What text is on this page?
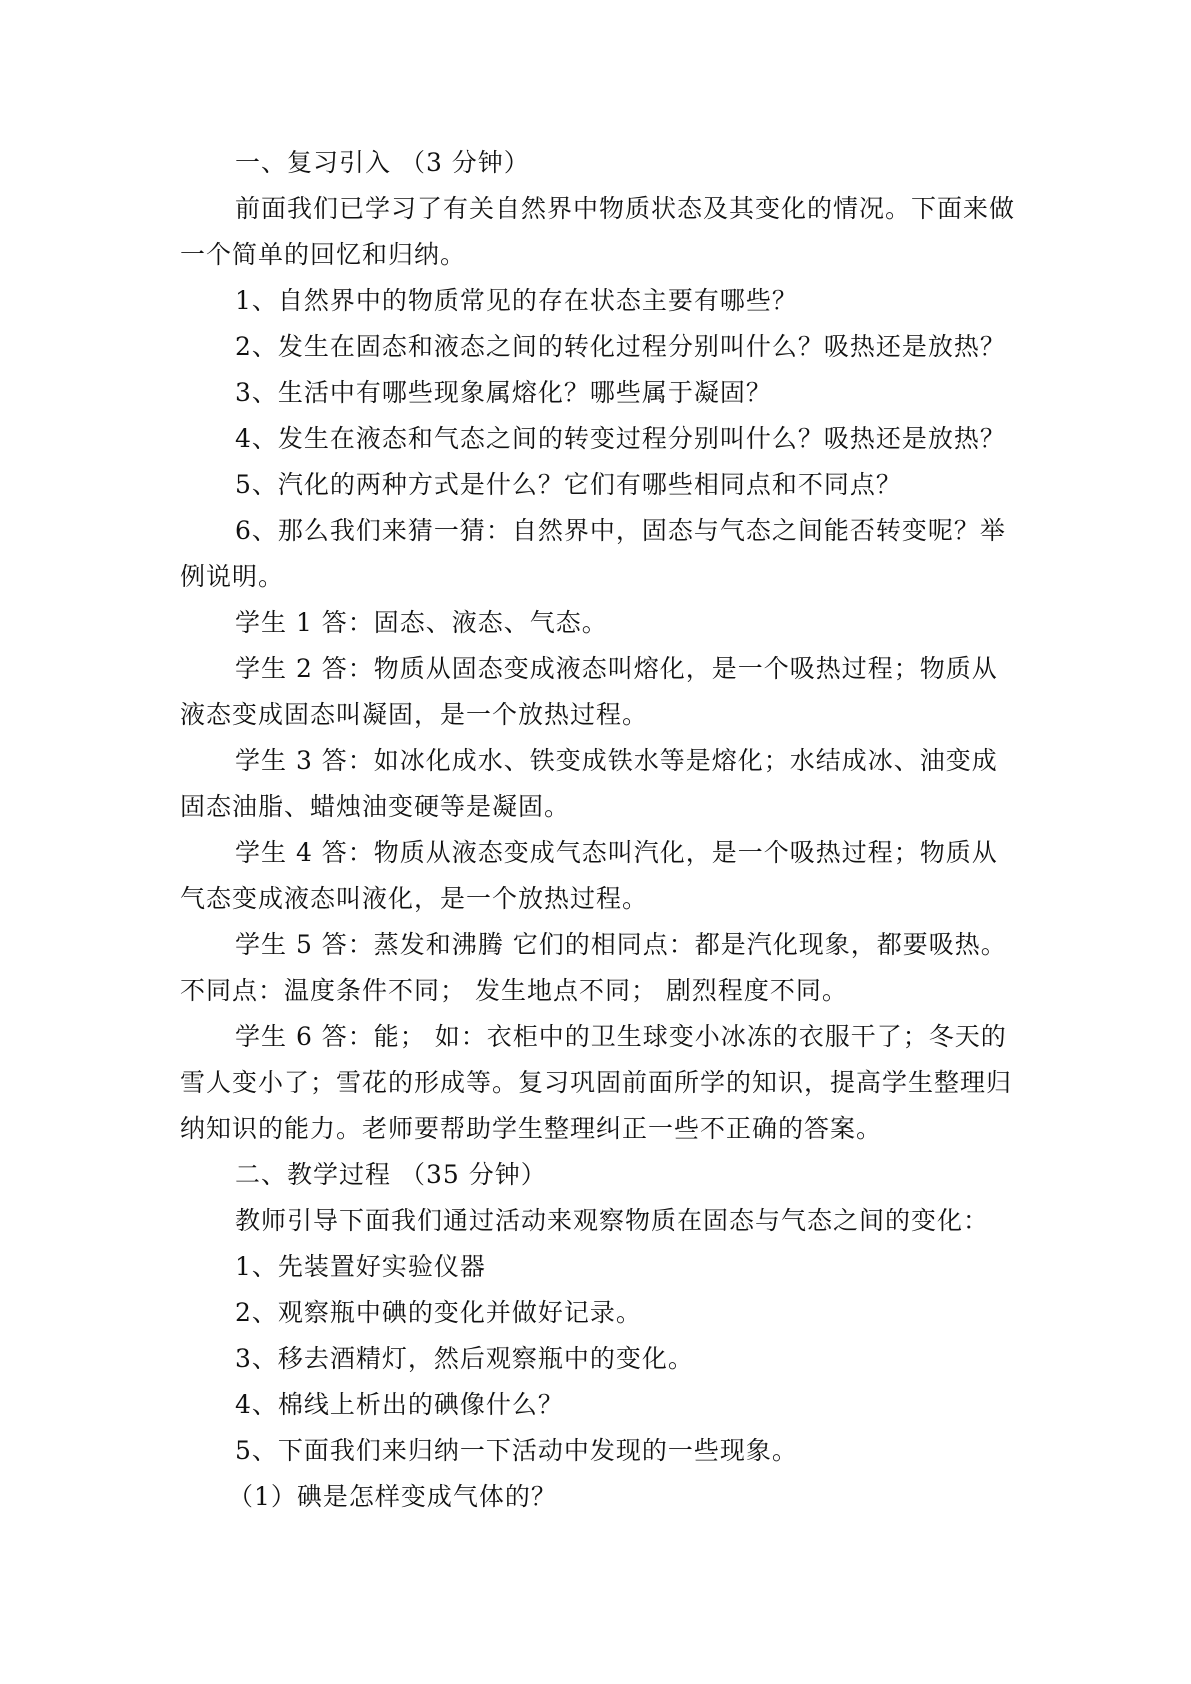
一、复习引入 （3 分钟）

前面我们已学习了有关自然界中物质状态及其变化的情况。下面来做一个简单的回忆和归纳。

1、自然界中的物质常见的存在状态主要有哪些？

2、发生在固态和液态之间的转化过程分别叫什么？吸热还是放热？

3、生活中有哪些现象属熔化？哪些属于凝固？

4、发生在液态和气态之间的转变过程分别叫什么？吸热还是放热？

5、汽化的两种方式是什么？它们有哪些相同点和不同点？

6、那么我们来猜一猜：自然界中，固态与气态之间能否转变呢？举例说明。

学生 1 答：固态、液态、气态。

学生 2 答：物质从固态变成液态叫熔化，是一个吸热过程；物质从液态变成固态叫凝固，是一个放热过程。

学生 3 答：如冰化成水、铁变成铁水等是熔化；水结成冰、油变成固态油脂、蜡烛油变硬等是凝固。

学生 4 答：物质从液态变成气态叫汽化，是一个吸热过程；物质从气态变成液态叫液化，是一个放热过程。

学生 5 答：蒸发和沸腾 它们的相同点：都是汽化现象，都要吸热。不同点：温度条件不同； 发生地点不同； 剧烈程度不同。

学生 6 答：能； 如：衣柜中的卫生球变小冰冻的衣服干了；冬天的雪人变小了；雪花的形成等。复习巩固前面所学的知识，提高学生整理归纳知识的能力。老师要帮助学生整理纠正一些不正确的答案。

二、教学过程 （35 分钟）

教师引导下面我们通过活动来观察物质在固态与气态之间的变化：

1、先装置好实验仪器

2、观察瓶中碘的变化并做好记录。

3、移去酒精灯，然后观察瓶中的变化。

4、棉线上析出的碘像什么？

5、下面我们来归纳一下活动中发现的一些现象。

（1）碘是怎样变成气体的？
